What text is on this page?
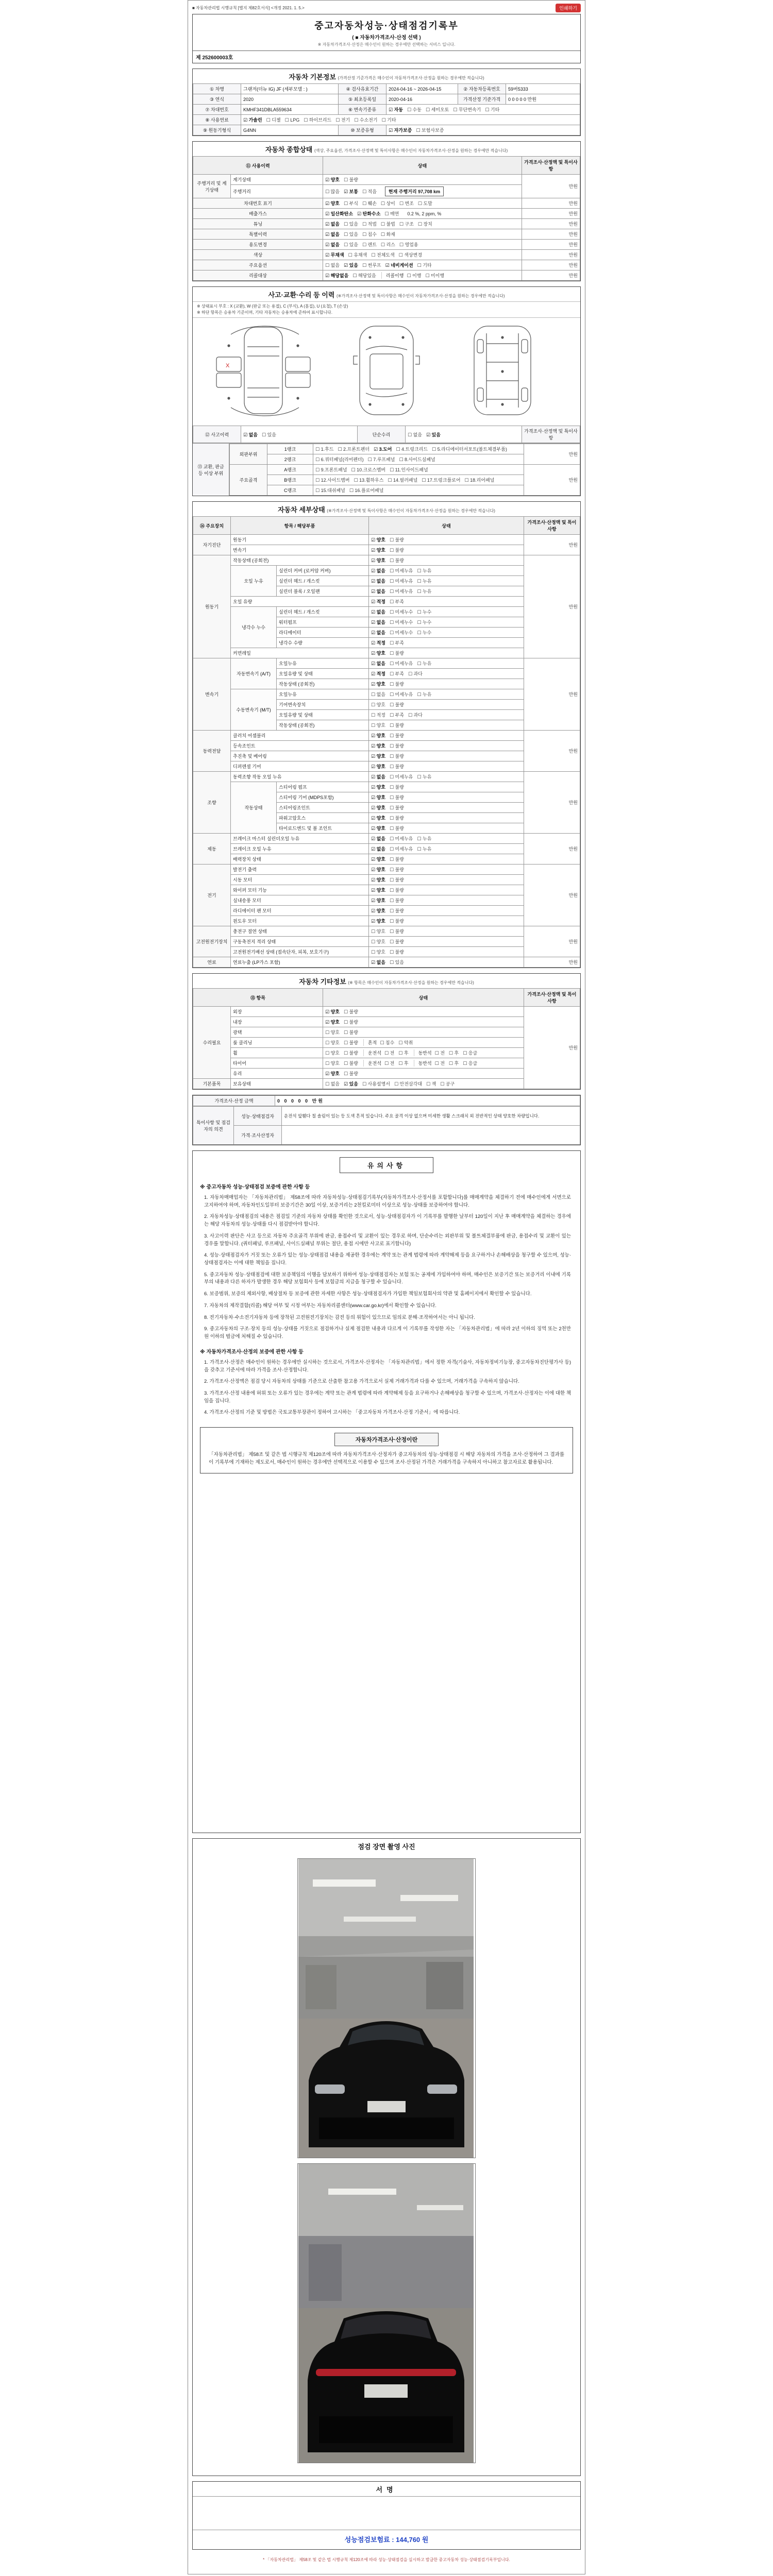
■ 자동차관리법 시행규칙 [별지 제82호서식] <개정 2021. 1. 5.>	인쇄하기
중고자동차성능·상태점검기록부
( ■ 자동차가격조사·산정 선택 )
※ 자동차가격조사·산정은 매수인이 원하는 경우에만 선택하는 서비스 입니다.
제 252600003호
자동차 기본정보 (가격산정 기준가격은 매수인이 자동차가격조사·산정을 원하는 경우에만 적습니다)
① 차명	그랜저(더뉴 IG) JF (세부모델 : )	④ 검사유효기간	2024-04-16 ~ 2026-04-15	② 자동차등록번호	59버5333
③ 연식	2020	⑤ 최초등록일	2020-04-16	가격산정 기준가격	0 0 0 0 0 만원
⑦ 차대번호	KMHF341DBLA559634	⑥ 변속기종류	☑ 자동 ☐ 수동 ☐ 세미오토 ☐ 무단변속기 ☐ 기타		
⑧ 사용연료	☑ 가솔린 ☐ 디젤 ☐ LPG ☐ 하이브리드 ☐ 전기 ☐ 수소전기 ☐ 기타				
⑨ 원동기형식	G4NN	⑩ 보증유형	☑ 자가보증 ☐ 보험사보증		
자동차 종합상태 (색상, 주요옵션, 가격조사·산정액 및 특이사항은 매수인이 자동차가격조사·산정을 원하는 경우에만 적습니다)
⑪ 사용이력		상태	가격조사·산정액 및 특이사항
주행거리 및 계기상태	계기상태	☑ 양호 ☐ 불량	만원
	주행거리	☐ 많음 ☑ 보통 ☐ 적음 현재 주행거리 97,708 km	
차대번호 표기		☑ 양호 ☐ 부식 ☐ 훼손 ☐ 상이 ☐ 변조 ☐ 도말	만원
배출가스		☑ 일산화탄소 ☑ 탄화수소 ☐ 매연 0.2 %, 2 ppm, %	만원
튜닝		☑ 없음 ☐ 있음 ☐ 적법 ☐ 불법 ☐ 구조 ☐ 장치	만원
특별이력		☑ 없음 ☐ 있음 ☐ 침수 ☐ 화재	만원
용도변경		☑ 없음 ☐ 있음 ☐ 렌트 ☐ 리스 ☐ 영업용	만원
색상		☑ 무채색 ☐ 유채색 ☐ 전체도색 ☐ 색상변경	만원
주요옵션		☐ 없음 ☑ 있음 ☐ 썬루프 ☑ 네비게이션 ☐ 기타	만원
리콜대상		☑ 해당없음 ☐ 해당있음 리콜이행 ☐ 이행 ☐ 미이행	만원
사고·교환·수리 등 이력 (※가격조사·산정액 및 특이사항은 매수인이 자동차가격조사·산정을 원하는 경우에만 적습니다)
※ 상태표시 부호 : X (교환), W (판금 또는 용접), C (부식), A (흠집), U (요철), T (손상)
※ 하단 항목은 승용차 기준이며, 기타 자동차는 승용차에 준하여 표시합니다.
X
⑫ 사고이력	☑ 없음 ☐ 있음	단순수리	☐ 없음 ☑ 있음	가격조사·산정액 및 특이사항
⑬ 교환, 판금 등 이상 부위
외판부위	1랭크	☐ 1.후드 ☐ 2.프론트펜더 ☑ 3.도어 ☐ 4.트렁크리드 ☐ 5.라디에이터서포트(볼트체결부품)	만원
	2랭크	☐ 6.쿼터패널(리어펜더) ☐ 7.루프패널 ☐ 8.사이드실패널	
주요골격	A랭크	☐ 9.프론트패널 ☐ 10.크로스멤버 ☐ 11.인사이드패널	만원
	B랭크	☐ 12.사이드멤버 ☐ 13.휠하우스 ☐ 14.필러패널 ☐ 17.트렁크플로어 ☐ 18.리어패널	
	C랭크	☐ 15.대쉬패널 ☐ 16.플로어패널	
자동차 세부상태 (※가격조사·산정액 및 특이사항은 매수인이 자동차가격조사·산정을 원하는 경우에만 적습니다)
⑭ 주요장치	항목 / 해당부품		상태	가격조사·산정액 및 특이사항
자기진단	원동기		☑ 양호 ☐ 불량	만원
	변속기		☑ 양호 ☐ 불량	
원동기	작동상태 (공회전)		☑ 양호 ☐ 불량	만원
	오일 누유	실린더 커버 (로커암 커버)	☑ 없음 ☐ 미세누유 ☐ 누유	
		실린더 헤드 / 개스킷	☑ 없음 ☐ 미세누유 ☐ 누유	
		실린더 블록 / 오일팬	☑ 없음 ☐ 미세누유 ☐ 누유	
	오일 유량		☑ 적정 ☐ 부족	
	냉각수 누수	실린더 헤드 / 개스킷	☑ 없음 ☐ 미세누수 ☐ 누수	
		워터펌프	☑ 없음 ☐ 미세누수 ☐ 누수	
		라디에이터	☑ 없음 ☐ 미세누수 ☐ 누수	
		냉각수 수량	☑ 적정 ☐ 부족	
	커먼레일		☑ 양호 ☐ 불량	
변속기	자동변속기 (A/T)	오일누유	☑ 없음 ☐ 미세누유 ☐ 누유	만원
		오일유량 및 상태	☑ 적정 ☐ 부족 ☐ 과다	
		작동상태 (공회전)	☑ 양호 ☐ 불량	
	수동변속기 (M/T)	오일누유	☐ 없음 ☐ 미세누유 ☐ 누유	
		기어변속장치	☐ 양호 ☐ 불량	
		오일유량 및 상태	☐ 적정 ☐ 부족 ☐ 과다	
		작동상태 (공회전)	☐ 양호 ☐ 불량	
동력전달	클러치 어셈블리		☑ 양호 ☐ 불량	만원
	등속조인트		☑ 양호 ☐ 불량	
	추진축 및 베어링		☑ 양호 ☐ 불량	
	디퍼렌셜 기어		☑ 양호 ☐ 불량	
조향	동력조향 작동 오일 누유		☑ 없음 ☐ 미세누유 ☐ 누유	만원
	작동상태	스티어링 펌프	☑ 양호 ☐ 불량	
		스티어링 기어 (MDPS포함)	☑ 양호 ☐ 불량	
		스티어링조인트	☑ 양호 ☐ 불량	
		파워고압호스	☑ 양호 ☐ 불량	
		타이로드엔드 및 볼 조인트	☑ 양호 ☐ 불량	
제동	브레이크 마스터 실린더오일 누유		☑ 없음 ☐ 미세누유 ☐ 누유	만원
	브레이크 오일 누유		☑ 없음 ☐ 미세누유 ☐ 누유	
	배력장치 상태		☑ 양호 ☐ 불량	
전기	발전기 출력		☑ 양호 ☐ 불량	만원
	시동 모터		☑ 양호 ☐ 불량	
	와이퍼 모터 기능		☑ 양호 ☐ 불량	
	실내송풍 모터		☑ 양호 ☐ 불량	
	라디에이터 팬 모터		☑ 양호 ☐ 불량	
	윈도우 모터		☑ 양호 ☐ 불량	
고전원전기장치	충전구 절연 상태		☐ 양호 ☐ 불량	만원
	구동축전지 격리 상태		☐ 양호 ☐ 불량	
	고전원전기배선 상태 (접속단자, 피복, 보호기구)		☐ 양호 ☐ 불량	
연료	연료누출 (LP가스 포함)		☑ 없음 ☐ 있음	만원
자동차 기타정보 (※ 항목은 매수인이 자동차가격조사·산정을 원하는 경우에만 적습니다)
⑮ 항목		상태	가격조사·산정액 및 특이사항
수리필요	외장	☑ 양호 ☐ 불량	만원
	내장	☑ 양호 ☐ 불량	
	광택	☐ 양호 ☐ 불량	
	룸 클리닝	☐ 양호 ☐ 불량 흔적 ☐ 침수 ☐ 악취	
	휠	☐ 양호 ☐ 불량 운전석 ☐ 전 ☐ 후 동반석 ☐ 전 ☐ 후 ☐ 응급	
	타이어	☐ 양호 ☐ 불량 운전석 ☐ 전 ☐ 후 동반석 ☐ 전 ☐ 후 ☐ 응급	
	유리	☑ 양호 ☐ 불량	
기본품목	보유상태	☐ 없음 ☑ 있음 ☐ 사용설명서 ☐ 안전삼각대 ☐ 잭 ☐ 공구	
가격조사·산정 금액	0 0 0 0 0 만원
특이사항 및 점검자의 의견	성능·상태점검자	운전석 앞휀다 칠 솔림이 있는 등 도색 흔적 있습니다. 주요 골격 이상 없으며 미세한 생활 스크래치 외 전반적인 상태 양호한 차량입니다.
	가격·조사산정자	
유의사항
※ 중고자동차 성능·상태점검 보증에 관한 사항 등
1. 자동차매매업자는 「자동차관리법」 제58조에 따라 자동차성능·상태점검기록부(자동차가격조사·산정서를 포함합니다)를 매매계약을 체결하기 전에 매수인에게 서면으로 고지하여야 하며, 자동차인도일부터 보증기간은 30일 이상, 보증거리는 2천킬로미터 이상으로 성능·상태를 보증하여야 합니다.
2. 자동차성능·상태점검의 내용은 점검일 기준의 자동차 상태를 확인한 것으로서, 성능·상태점검자가 이 기록부를 발행한 날부터 120일이 지난 후 매매계약을 체결하는 경우에는 해당 자동차의 성능·상태를 다시 점검받아야 합니다.
3. 사고이력 판단은 사고 등으로 자동차 주요골격 부위에 판금, 용접수리 및 교환이 있는 경우로 하며, 단순수리는 외판부위 및 볼트체결부품에 판금, 용접수리 및 교환이 있는 경우를 말합니다. (쿼터패널, 루프패널, 사이드실패널 부위는 절단, 용접 시에만 사고로 표기합니다)
4. 성능·상태점검자가 거짓 또는 오류가 있는 성능·상태점검 내용을 제공한 경우에는 계약 또는 관계 법령에 따라 계약해제 등을 요구하거나 손해배상을 청구할 수 있으며, 성능·상태점검자는 이에 대한 책임을 집니다.
5. 중고자동차 성능·상태점검에 대한 보증책임의 이행을 담보하기 위하여 성능·상태점검자는 보험 또는 공제에 가입하여야 하며, 매수인은 보증기간 또는 보증거리 이내에 기록부의 내용과 다른 하자가 발생한 경우 해당 보험회사 등에 보험금의 지급을 청구할 수 있습니다.
6. 보증범위, 보증의 제외사항, 배상절차 등 보증에 관한 자세한 사항은 성능·상태점검자가 가입한 책임보험회사의 약관 및 홈페이지에서 확인할 수 있습니다.
7. 자동차의 제작결함(리콜) 해당 여부 및 시정 여부는 자동차리콜센터(www.car.go.kr)에서 확인할 수 있습니다.
8. 전기자동차·수소전기자동차 등에 장착된 고전원전기장치는 감전 등의 위험이 있으므로 임의로 분해·조작하여서는 아니 됩니다.
9. 중고자동차의 구조·장치 등의 성능·상태를 거짓으로 점검하거나 실제 점검한 내용과 다르게 이 기록부를 작성한 자는 「자동차관리법」에 따라 2년 이하의 징역 또는 2천만원 이하의 벌금에 처해질 수 있습니다.
※ 자동차가격조사·산정의 보증에 관한 사항 등
1. 가격조사·산정은 매수인이 원하는 경우에만 실시하는 것으로서, 가격조사·산정자는 「자동차관리법」에서 정한 자격(기술사, 자동차정비기능장, 중고자동차진단평가사 등)을 갖추고 기준서에 따라 가격을 조사·산정합니다.
2. 가격조사·산정액은 점검 당시 자동차의 상태를 기준으로 산출한 참고용 가격으로서 실제 거래가격과 다를 수 있으며, 거래가격을 구속하지 않습니다.
3. 가격조사·산정 내용에 허위 또는 오류가 있는 경우에는 계약 또는 관계 법령에 따라 계약해제 등을 요구하거나 손해배상을 청구할 수 있으며, 가격조사·산정자는 이에 대한 책임을 집니다.
4. 가격조사·산정의 기준 및 방법은 국토교통부장관이 정하여 고시하는 「중고자동차 가격조사·산정 기준서」에 따릅니다.
자동차가격조사·산정이란
「자동차관리법」 제58조 및 같은 법 시행규칙 제120조에 따라 자동차가격조사·산정자가 중고자동차의 성능·상태점검 시 해당 자동차의 가격을 조사·산정하여 그 결과를 이 기록부에 기재하는 제도로서, 매수인이 원하는 경우에만 선택적으로 이용할 수 있으며 조사·산정된 가격은 거래가격을 구속하지 아니하고 참고자료로 활용됩니다.
점검 장면 촬영 사진
서명
성능점검보험료 : 144,760 원
* 「자동차관리법」 제58조 및 같은 법 시행규칙 제120조에 따라 성능·상태점검을 실시하고 발급한 중고자동차 성능·상태점검기록부입니다.
